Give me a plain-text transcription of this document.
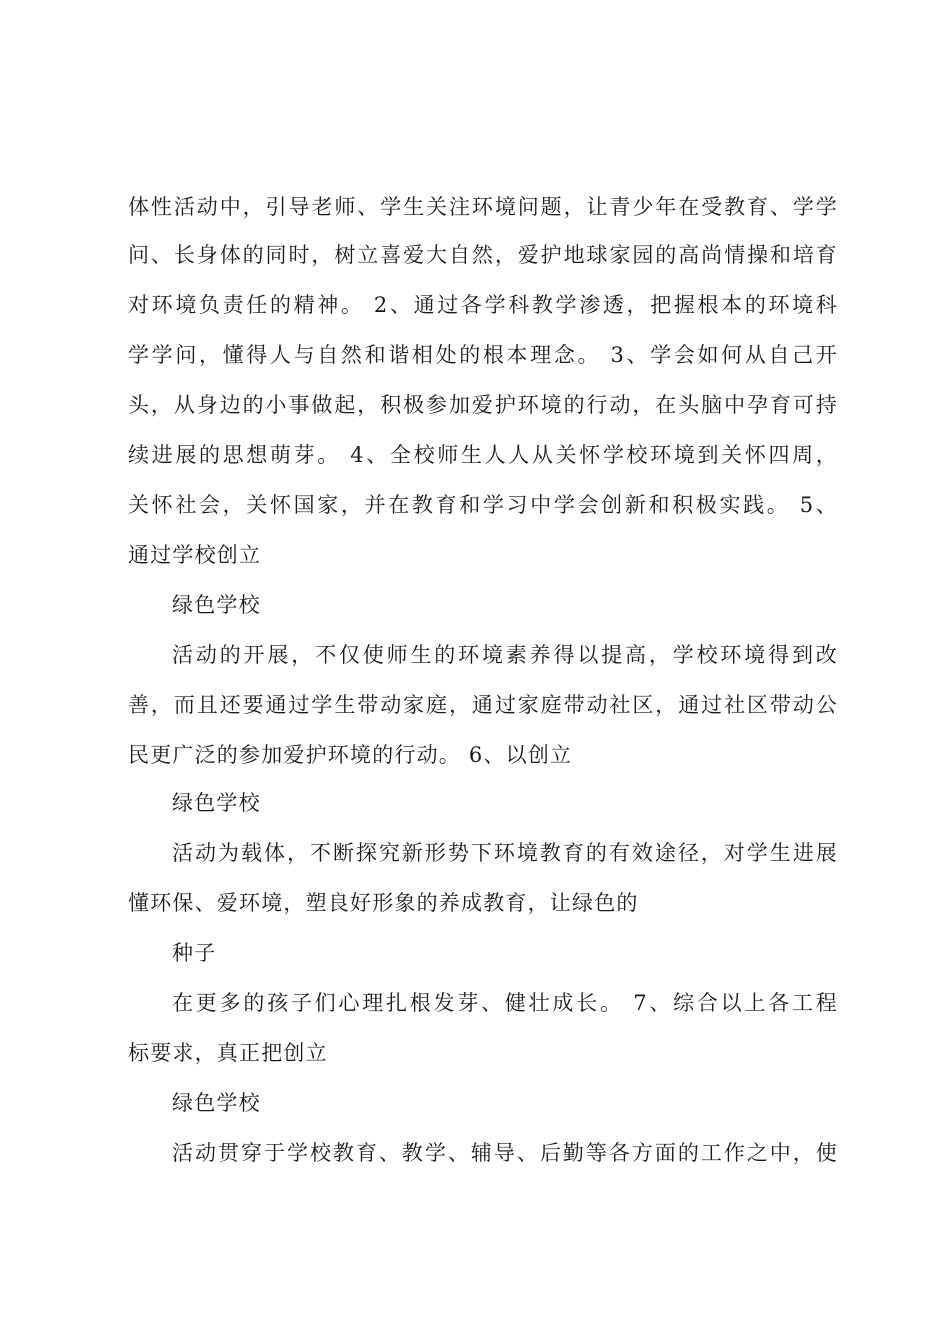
体性活动中，引导老师、学生关注环境问题，让青少年在受教育、学学
问、长身体的同时，树立喜爱大自然，爱护地球家园的高尚情操和培育
对环境负责任的精神。 2、通过各学科教学渗透，把握根本的环境科
学学问，懂得人与自然和谐相处的根本理念。 3、学会如何从自己开
头，从身边的小事做起，积极参加爱护环境的行动，在头脑中孕育可持
续进展的思想萌芽。 4、全校师生人人从关怀学校环境到关怀四周，
关怀社会，关怀国家，并在教育和学习中学会创新和积极实践。 5、
通过学校创立
绿色学校
活动的开展，不仅使师生的环境素养得以提高，学校环境得到改
善，而且还要通过学生带动家庭，通过家庭带动社区，通过社区带动公
民更广泛的参加爱护环境的行动。 6、以创立
绿色学校
活动为载体，不断探究新形势下环境教育的有效途径，对学生进展
懂环保、爱环境，塑良好形象的养成教育，让绿色的
种子
在更多的孩子们心理扎根发芽、健壮成长。 7、综合以上各工程
标要求，真正把创立
绿色学校
活动贯穿于学校教育、教学、辅导、后勤等各方面的工作之中，使
